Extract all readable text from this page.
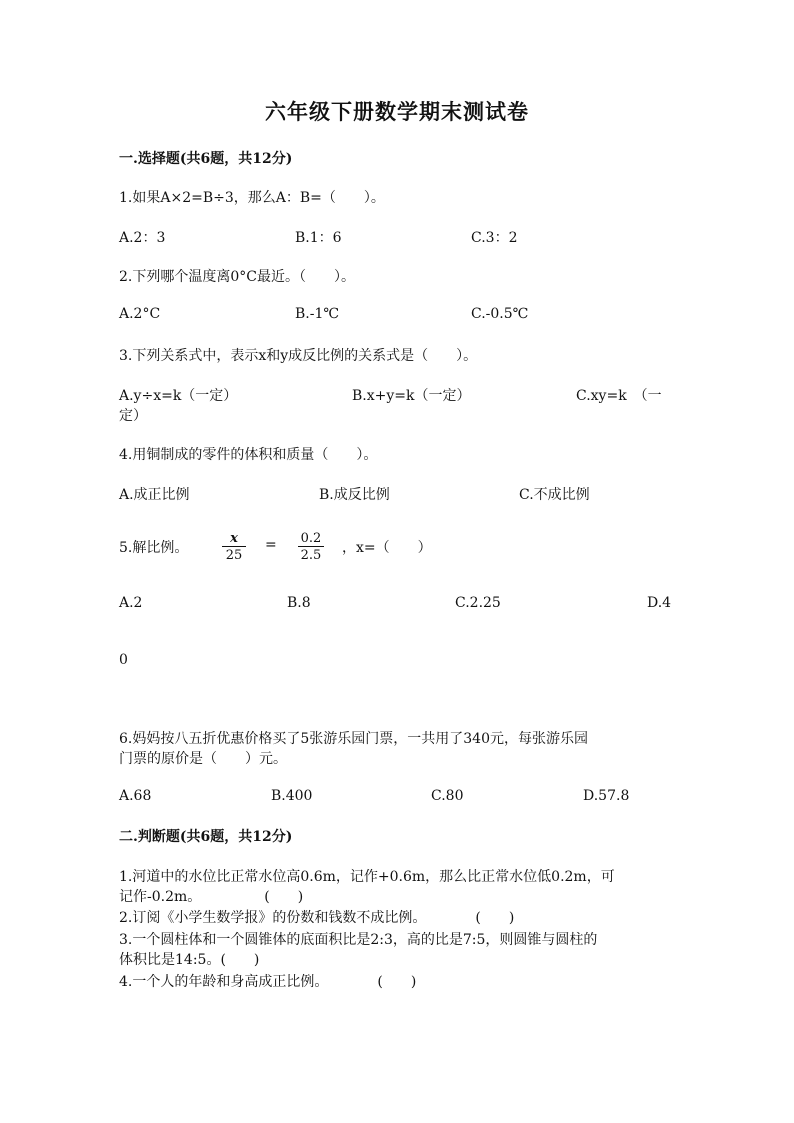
六年级下册数学期末测试卷
一.选择题(共6题，共12分)
1.如果A×2=B÷3，那么A：B=（　　）。
A.2：3	B.1：6	C.3：2
2.下列哪个温度离0°C最近。（　　）。
A.2°C	B.-1℃	C.-0.5℃
3.下列关系式中，表示x和y成反比例的关系式是（　　）。
A.y÷x=k（一定）	B.x+y=k（一定）	C.xy=k　（一
定）
4.用铜制成的零件的体积和质量（　　）。
A.成正比例	B.成反比例	C.不成比例
5.解比例。	$\frac{x}{25} = \frac{0.2}{2.5}$ ，x=（　　）
A.2	B.8	C.2.25	D.4
0
6.妈妈按八五折优惠价格买了5张游乐园门票，一共用了340元，每张游乐园
门票的原价是（　　）元。
A.68	B.400	C.80	D.57.8
二.判断题(共6题，共12分)
1.河道中的水位比正常水位高0.6m，记作+0.6m，那么比正常水位低0.2m，可
记作-0.2m。　　　　　(　　)
2.订阅《小学生数学报》的份数和钱数不成比例。　　　　(　　)
3.一个圆柱体和一个圆锥体的底面积比是2:3，高的比是7:5，则圆锥与圆柱的
体积比是14:5。(　　)
4.一个人的年龄和身高成正比例。　　　　(　　)
